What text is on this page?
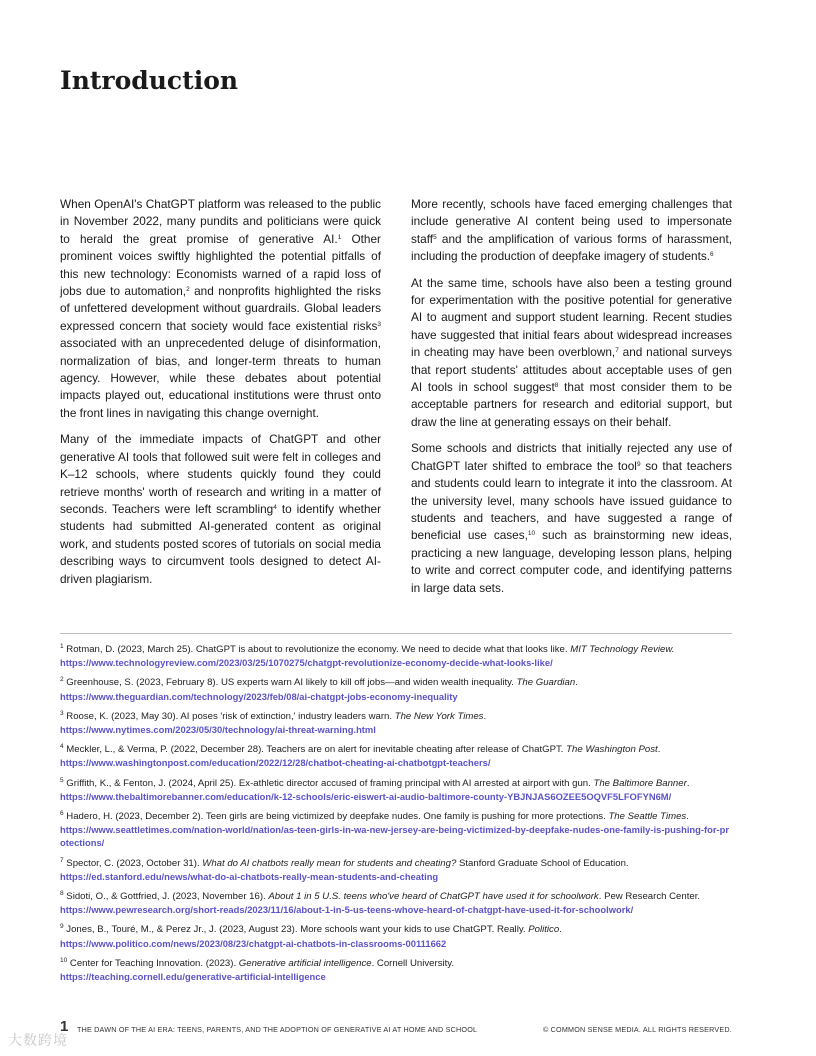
Introduction

When OpenAI's ChatGPT platform was released to the public in November 2022, many pundits and politicians were quick to herald the great promise of generative AI.$^1$ Other prominent voices swiftly highlighted the potential pitfalls of this new technology: Economists warned of a rapid loss of jobs due to automation,$^2$ and nonprofits highlighted the risks of unfettered development without guardrails. Global leaders expressed concern that society would face existential risks$^3$ associated with an unprecedented deluge of disinformation, normalization of bias, and longer-term threats to human agency. However, while these debates about potential impacts played out, educational institutions were thrust onto the front lines in navigating this change overnight.

Many of the immediate impacts of ChatGPT and other generative AI tools that followed suit were felt in colleges and K–12 schools, where students quickly found they could retrieve months' worth of research and writing in a matter of seconds. Teachers were left scrambling$^4$ to identify whether students had submitted AI-generated content as original work, and students posted scores of tutorials on social media describing ways to circumvent tools designed to detect AI-driven plagiarism.

More recently, schools have faced emerging challenges that include generative AI content being used to impersonate staff$^5$ and the amplification of various forms of harassment, including the production of deepfake imagery of students.$^6$

At the same time, schools have also been a testing ground for experimentation with the positive potential for generative AI to augment and support student learning. Recent studies have suggested that initial fears about widespread increases in cheating may have been overblown,$^7$ and national surveys that report students' attitudes about acceptable uses of gen AI tools in school suggest$^8$ that most consider them to be acceptable partners for research and editorial support, but draw the line at generating essays on their behalf.

Some schools and districts that initially rejected any use of ChatGPT later shifted to embrace the tool$^9$ so that teachers and students could learn to integrate it into the classroom. At the university level, many schools have issued guidance to students and teachers, and have suggested a range of beneficial use cases,$^{10}$ such as brainstorming new ideas, practicing a new language, developing lesson plans, helping to write and correct computer code, and identifying patterns in large data sets.

$^1$ Rotman, D. (2023, March 25). ChatGPT is about to revolutionize the economy. We need to decide what that looks like. MIT Technology Review.
https://www.technologyreview.com/2023/03/25/1070275/chatgpt-revolutionize-economy-decide-what-looks-like/
$^2$ Greenhouse, S. (2023, February 8). US experts warn AI likely to kill off jobs—and widen wealth inequality. The Guardian.
https://www.theguardian.com/technology/2023/feb/08/ai-chatgpt-jobs-economy-inequality
$^3$ Roose, K. (2023, May 30). AI poses 'risk of extinction,' industry leaders warn. The New York Times.
https://www.nytimes.com/2023/05/30/technology/ai-threat-warning.html
$^4$ Meckler, L., & Verma, P. (2022, December 28). Teachers are on alert for inevitable cheating after release of ChatGPT. The Washington Post.
https://www.washingtonpost.com/education/2022/12/28/chatbot-cheating-ai-chatbotgpt-teachers/
$^5$ Griffith, K., & Fenton, J. (2024, April 25). Ex-athletic director accused of framing principal with AI arrested at airport with gun. The Baltimore Banner.
https://www.thebaltimorebanner.com/education/k-12-schools/eric-eiswert-ai-audio-baltimore-county-YBJNJAS6OZEE5OQVF5LFOFYN6M/
$^6$ Hadero, H. (2023, December 2). Teen girls are being victimized by deepfake nudes. One family is pushing for more protections. The Seattle Times.
https://www.seattletimes.com/nation-world/nation/as-teen-girls-in-wa-new-jersey-are-being-victimized-by-deepfake-nudes-one-family-is-pushing-for-protections/
$^7$ Spector, C. (2023, October 31). What do AI chatbots really mean for students and cheating? Stanford Graduate School of Education.
https://ed.stanford.edu/news/what-do-ai-chatbots-really-mean-students-and-cheating
$^8$ Sidoti, O., & Gottfried, J. (2023, November 16). About 1 in 5 U.S. teens who've heard of ChatGPT have used it for schoolwork. Pew Research Center.
https://www.pewresearch.org/short-reads/2023/11/16/about-1-in-5-us-teens-whove-heard-of-chatgpt-have-used-it-for-schoolwork/
$^9$ Jones, B., Touré, M., & Perez Jr., J. (2023, August 23). More schools want your kids to use ChatGPT. Really. Politico.
https://www.politico.com/news/2023/08/23/chatgpt-ai-chatbots-in-classrooms-00111662
$^{10}$ Center for Teaching Innovation. (2023). Generative artificial intelligence. Cornell University.
https://teaching.cornell.edu/generative-artificial-intelligence
1 THE DAWN OF THE AI ERA: TEENS, PARENTS, AND THE ADOPTION OF GENERATIVE AI AT HOME AND SCHOOL	© COMMON SENSE MEDIA. ALL RIGHTS RESERVED.
大数跨境
